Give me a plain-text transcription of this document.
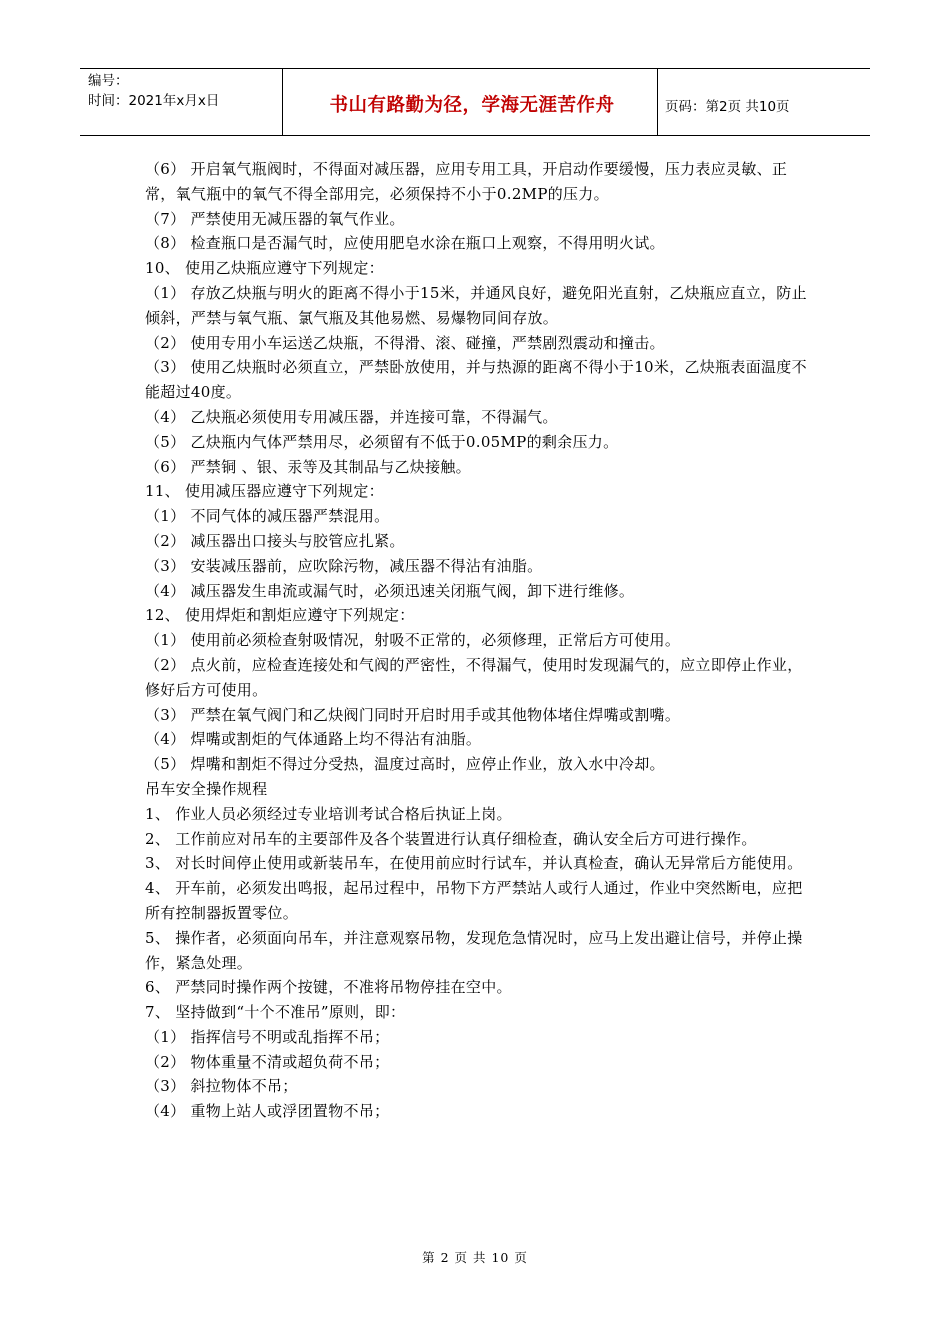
编号：
时间：2021年x月x日	书山有路勤为径，学海无涯苦作舟	页码：第2页 共10页

（6） 开启氧气瓶阀时，不得面对减压器，应用专用工具，开启动作要缓慢，压力表应灵敏、正常，氧气瓶中的氧气不得全部用完，必须保持不小于0.2MP的压力。

（7） 严禁使用无减压器的氧气作业。

（8） 检查瓶口是否漏气时，应使用肥皂水涂在瓶口上观察，不得用明火试。

10、 使用乙炔瓶应遵守下列规定：

（1） 存放乙炔瓶与明火的距离不得小于15米，并通风良好，避免阳光直射，乙炔瓶应直立，防止倾斜，严禁与氧气瓶、氯气瓶及其他易燃、易爆物同间存放。

（2） 使用专用小车运送乙炔瓶，不得滑、滚、碰撞，严禁剧烈震动和撞击。

（3） 使用乙炔瓶时必须直立，严禁卧放使用，并与热源的距离不得小于10米，乙炔瓶表面温度不能超过40度。

（4） 乙炔瓶必须使用专用减压器，并连接可靠，不得漏气。

（5） 乙炔瓶内气体严禁用尽，必须留有不低于0.05MP的剩余压力。

（6） 严禁铜 、银、汞等及其制品与乙炔接触。

11、 使用减压器应遵守下列规定：

（1） 不同气体的减压器严禁混用。

（2） 减压器出口接头与胶管应扎紧。

（3） 安装减压器前，应吹除污物，减压器不得沾有油脂。

（4） 减压器发生串流或漏气时，必须迅速关闭瓶气阀，卸下进行维修。

12、 使用焊炬和割炬应遵守下列规定：

（1） 使用前必须检查射吸情况，射吸不正常的，必须修理，正常后方可使用。

（2） 点火前，应检查连接处和气阀的严密性，不得漏气，使用时发现漏气的，应立即停止作业，修好后方可使用。

（3） 严禁在氧气阀门和乙炔阀门同时开启时用手或其他物体堵住焊嘴或割嘴。

（4） 焊嘴或割炬的气体通路上均不得沾有油脂。

（5） 焊嘴和割炬不得过分受热，温度过高时，应停止作业，放入水中冷却。

吊车安全操作规程

1、 作业人员必须经过专业培训考试合格后执证上岗。

2、 工作前应对吊车的主要部件及各个装置进行认真仔细检查，确认安全后方可进行操作。

3、 对长时间停止使用或新装吊车，在使用前应时行试车，并认真检查，确认无异常后方能使用。

4、 开车前，必须发出鸣报，起吊过程中，吊物下方严禁站人或行人通过，作业中突然断电，应把所有控制器扳置零位。

5、 操作者，必须面向吊车，并注意观察吊物，发现危急情况时，应马上发出避让信号，并停止操作，紧急处理。

6、 严禁同时操作两个按键，不准将吊物停挂在空中。

7、 坚持做到“十个不准吊”原则，即：

（1） 指挥信号不明或乱指挥不吊；

（2） 物体重量不清或超负荷不吊；

（3） 斜拉物体不吊；

（4） 重物上站人或浮团置物不吊；

第 2 页 共 10 页
